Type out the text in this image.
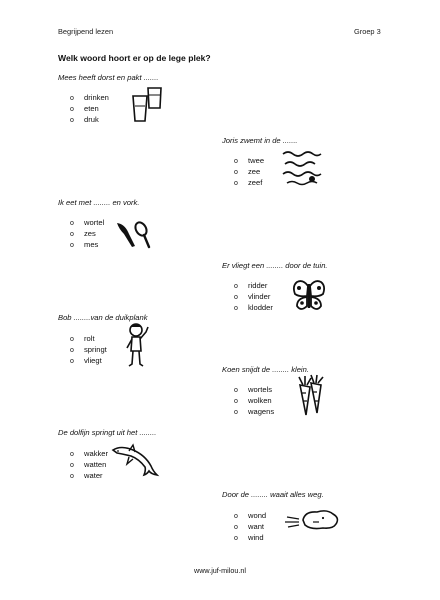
Begrijpend lezen	Groep 3
Welk woord hoort er op de lege plek?
Mees heeft dorst en pakt .......
o drinken
o eten
o druk
Joris zwemt in de .......
o twee
o zee
o zeef
Ik eet met ........ en vork.
o wortel
o zes
o mes
Er vliegt een ........ door de tuin.
o ridder
o vlinder
o klodder
Bob ........van de duikplank
o rolt
o springt
o vliegt
Koen snijdt de ........ klein.
o wortels
o wolken
o wagens
De dolfijn springt uit het ........
o wakker
o watten
o water
Door de ........ waait alles weg.
o wond
o want
o wind
www.juf-milou.nl
